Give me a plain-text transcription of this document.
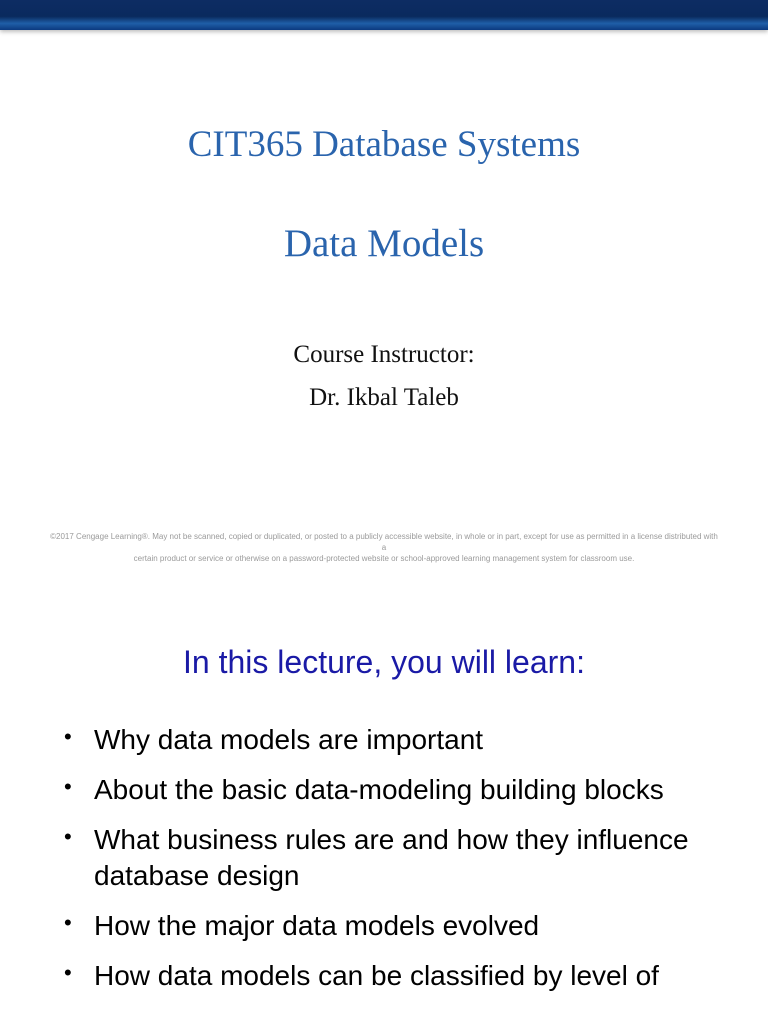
CIT365 Database Systems
Data Models
Course Instructor:
Dr. Ikbal Taleb
©2017 Cengage Learning®. May not be scanned, copied or duplicated, or posted to a publicly accessible website, in whole or in part, except for use as permitted in a license distributed with a
certain product or service or otherwise on a password-protected website or school-approved learning management system for classroom use.
In this lecture, you will learn:
• Why data models are important
• About the basic data-modeling building blocks
• What business rules are and how they influence database design
• How the major data models evolved
• How data models can be classified by level of
